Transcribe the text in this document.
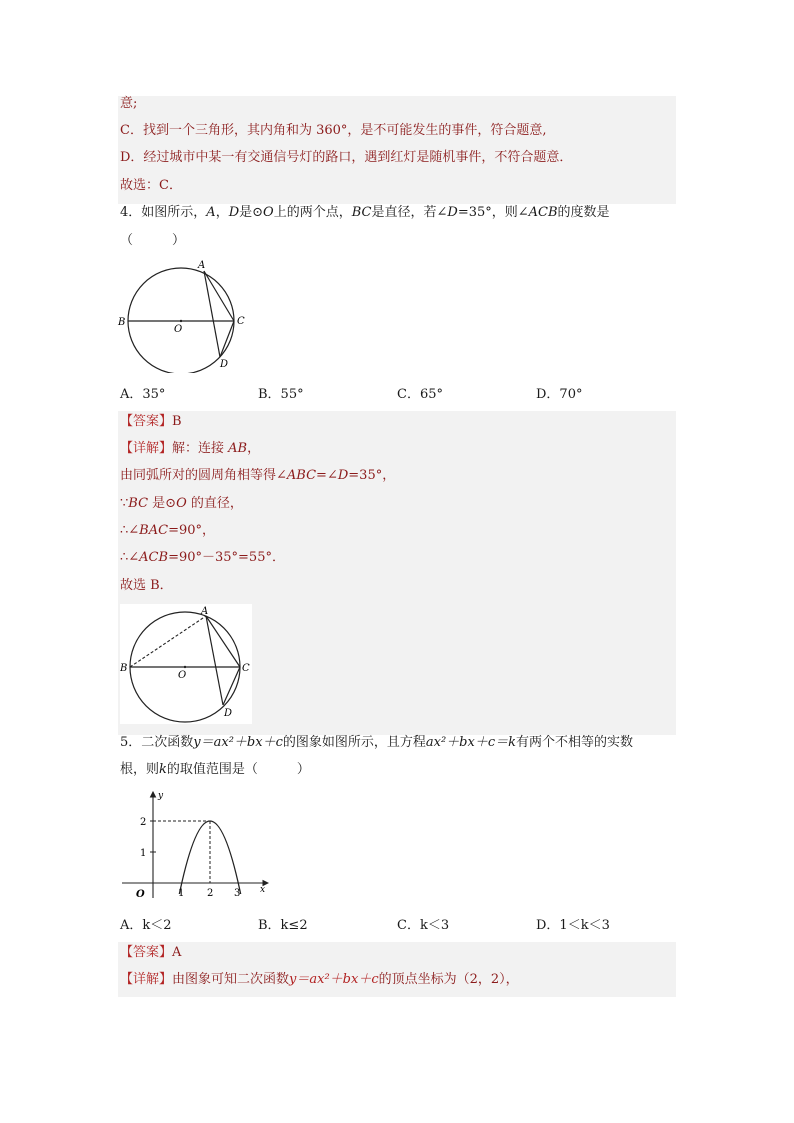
意;
C．找到一个三角形，其内角和为 360°，是不可能发生的事件，符合题意,
D．经过城市中某一有交通信号灯的路口，遇到红灯是随机事件，不符合题意．
故选：C．
4．如图所示，A，D是⊙O上的两个点，BC是直径，若∠D=35°，则∠ACB的度数是
（　　　）
A
B	C
D
O
A．35°	B．55°	C．65°	D．70°
【答案】B
【详解】解：连接 AB，
由同弧所对的圆周角相等得∠ABC=∠D=35°，
∵BC 是⊙O 的直径，
∴∠BAC=90°，
∴∠ACB=90°－35°=55°．
故选 B．
A
B	C
D
O
5．二次函数y＝ax²＋bx＋c的图象如图所示，且方程ax²＋bx＋c＝k有两个不相等的实数
根，则k的取值范围是（　　　）
y
x
O
1
2
1 2 3
A．k＜2	B．k≤2	C．k＜3	D．1＜k＜3
【答案】A
【详解】由图象可知二次函数y＝ax²＋bx＋c的顶点坐标为（2，2），
